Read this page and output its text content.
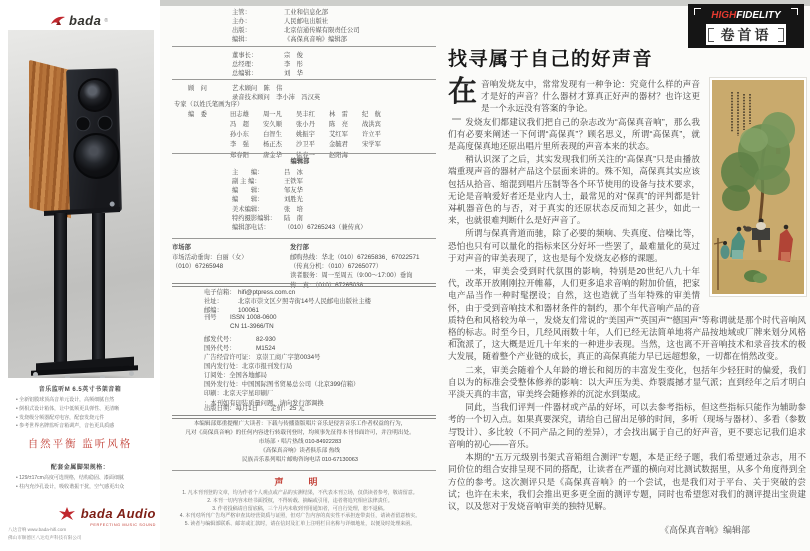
bada ®
音乐监听M 6.5英寸书架音箱
• 全新铝膜球顶高音单元设计，高频细腻自然
• 倒相式设计箱体，让中低频更具弹性、更清晰
• 发烧级分频器配对电容，配套发烧元件
• 参考世界名牌监听音箱调声，音色更具质感
自然平衡 监听风格
配套金属脚架规格：
• 129/±17cm高度可选规格，结构稳固、漆面细腻
• 柱内充沙孔设计，吸收谐振干扰，空气感更出众
八达音响 www.bada-hifi.com
佛山市顺德区八达电声科技有限公司
bada Audio
PERFECTING MUSIC SOUND
主管 ：	工业和信息化部
主办 ：	人民邮电出版社
出版 ：	北京信通传媒有限责任公司
编辑 ：	《高保真音响》编辑部
董事长 ：	宗　俊
总经理 ：	李　彤
总编辑 ：	刘　华
顾　问	艺术顾问　 陈　伟
录音技术顾问　 李小沛　冯汉英
专家（以姓氏笔画为序）
编　委	田志雄	周一凡	吴丰红	林　雷	纪　航
冯　超	安久顺	张小丹	陈　亮	战洪宾
孙小东	白智生	姚振宇	艾红军	许立平
李　强	杨正杰	沙卫平	金毓君	宋学军
郑春阳	唐金华	徐春一	赵阳海
编辑部
主　　编 ：	吕　冰
副 主 编 ：	王铁军
编　　辑 ：	邹友华
编　　辑 ：	刘胜光
美术编辑 ：	张　培
特约摄影编辑 ：	陆　南
编辑部电话 ：	（010）67265243（兼传真）
市场部
市场活动垂询：白丽（女）
（010）67265948
发行部
邮购热线：华北（010）67265836、67022571
（传真分机：（010）67265077）
读者服务：周一至周五（9:00～17:00）垂询
传　真：（010）67265038
电子信箱 ：	hifi@ptpress.com.cn
社址 ：	北京市崇文区夕照寺街14号人民邮电出版社主楼
邮编 ：	100061
刊号	ISSN 1008-0600
CN 11-3966/TN
邮发代号 ：	82-930
国外代号 ：	M1524
广告经营许可证 ：	京崇工商广字第0034号
国内发行处 ： 北京市报刊发行局
订阅处 ： 全国各地邮局
国外发行处 ： 中国国际图书贸易总公司（北京399信箱）
印刷 ： 北京天宇星印刷厂
： 本刊如有印装质量问题，请向发行部调换
出版日期：每月1日　　定价：25 元
本编辑部郑重提醒广大读者：下载与传播盗版唱片音乐是侵害音乐工作者权益的行为，
凡对《高保真音响》的任何内容进行转载刊登时，均须事先征得本刊书面许可，并注明出处。
市场部・唱片热线 010-84922283
《高保真音响》读者俱乐部 热线
民族音乐系列唱片邮购咨询电话 010-67130063
声　明
1. 凡本刊刊登的文章，均为作者个人观点或产品的实测结果，不代表本刊立场，仅供读者参考，敬请留意。
2. 本刊一切内容未经书面授权，不得转载、摘编或引用，违者将追究相应法律责任。
3. 作者投稿请自留底稿，三个月内未收到刊用通知者，可自行处理，恕不退稿。
4. 本刊对所刊广告均严格审查其经营资质与证照，但对广告内容的真实性不承担连带责任，请读者留意核实。
5. 读者与编辑部联系、邮寄或汇款时，请在信封及汇单上注明栏目名称与详细地址，以便及时处理来函。
HIGHFIDELITY
卷首语
找寻属于自己的好声音

在音响发烧友中，常常发现有一种争论：究竟什么样的声音才是好的声音？什么器材才算真正好声的器材？也许这更是一个永远没有答案的争论。

发烧友们都建议我们把自己的杂志改为“高保真音响”，那么我们有必要来阐述一下何谓“高保真”？顾名思义，所谓“高保真”，就是高度保真地还原出唱片里所表现的声音本来的状态。

稍认识深了之后，其实发现我们所关注的“高保真”只是由播放端重现声音的器材产品这个层面来讲的。殊不知，高保真其实应该包括从拾音、缩混到唱片压制等各个环节使用的设备与技术要求，无论是音响爱好者还是业内人士，最常见的对“保真”的评判都是针对机器音色的与否，对于真实的还原状态反而知之甚少，如此一来，也就很难判断什么是好声音了。

所谓与保真背道而驰，除了必要的频响、失真度、信噪比等，恐怕也只有可以量化的指标来区分好坏一些罢了，最难量化的莫过于对声音的审美表现了，这也是每个发烧友必修的课题。

一来，审美会受到时代氛围的影响，特别是20世纪八九十年代，改革开放刚刚拉开帷幕，人们更多追求音响的附加价值，把家电产品当作一种时髦摆设；自然，这也造就了当年特殊的审美情怀，由于受到音响技术和器材条件的制约，那个年代音响产品的音质特色和风格较为单一，发烧友们常说的“美国声”“英国声”“德国声”等称谓就是那个时代音响风格的标志。时至今日，几经风雨数十年，人们已经无法简单地将产品按地域或厂牌来划分风格和流派了，这大概是近几十年来的一种进步表现。当然，这也离不开音响技术和录音技术的极大发展，随着整个产业链的成长，真正的高保真能力早已远超想象，一切都在悄然改变。

二来，审美会随着个人年龄的增长和阅历的丰富发生变化，包括年少轻狂时的偏爱，我们自以为的标准会受整体修养的影响：以大声压为美、炸裂震撼才显气派；直到经年之后才明白平淡天真的丰富，审美终会随修养的沉淀水到渠成。

同此，当我们评判一件器材或产品的好坏，可以去参考指标，但这些指标只能作为辅助参考的一个切入点。如果真要深究，请给自己留出足够的时间，多听（现场与器材）、多看（参数与设计）、多比较（不同产品之间的差异），才会找出属于自己的好声音，更不要忘记我们追求音响的初心——音乐。

本期的“五万元级别书架式音箱组合测评”专题，本是正经子题，我们希望通过杂志，用不同价位的组合安排呈现不同的搭配，让读者在严谨的横向对比测试数据里，从多个角度得到全方位的参考。这次测评只是《高保真音响》的一个尝试，也是我们对于平台、关于突破的尝试；也许在未来，我们会推出更多更全面的测评专题，同时也希望您对我们的测评提出宝贵建议，以及您对于发烧音响审美的独特见解。

《高保真音响》编辑部
